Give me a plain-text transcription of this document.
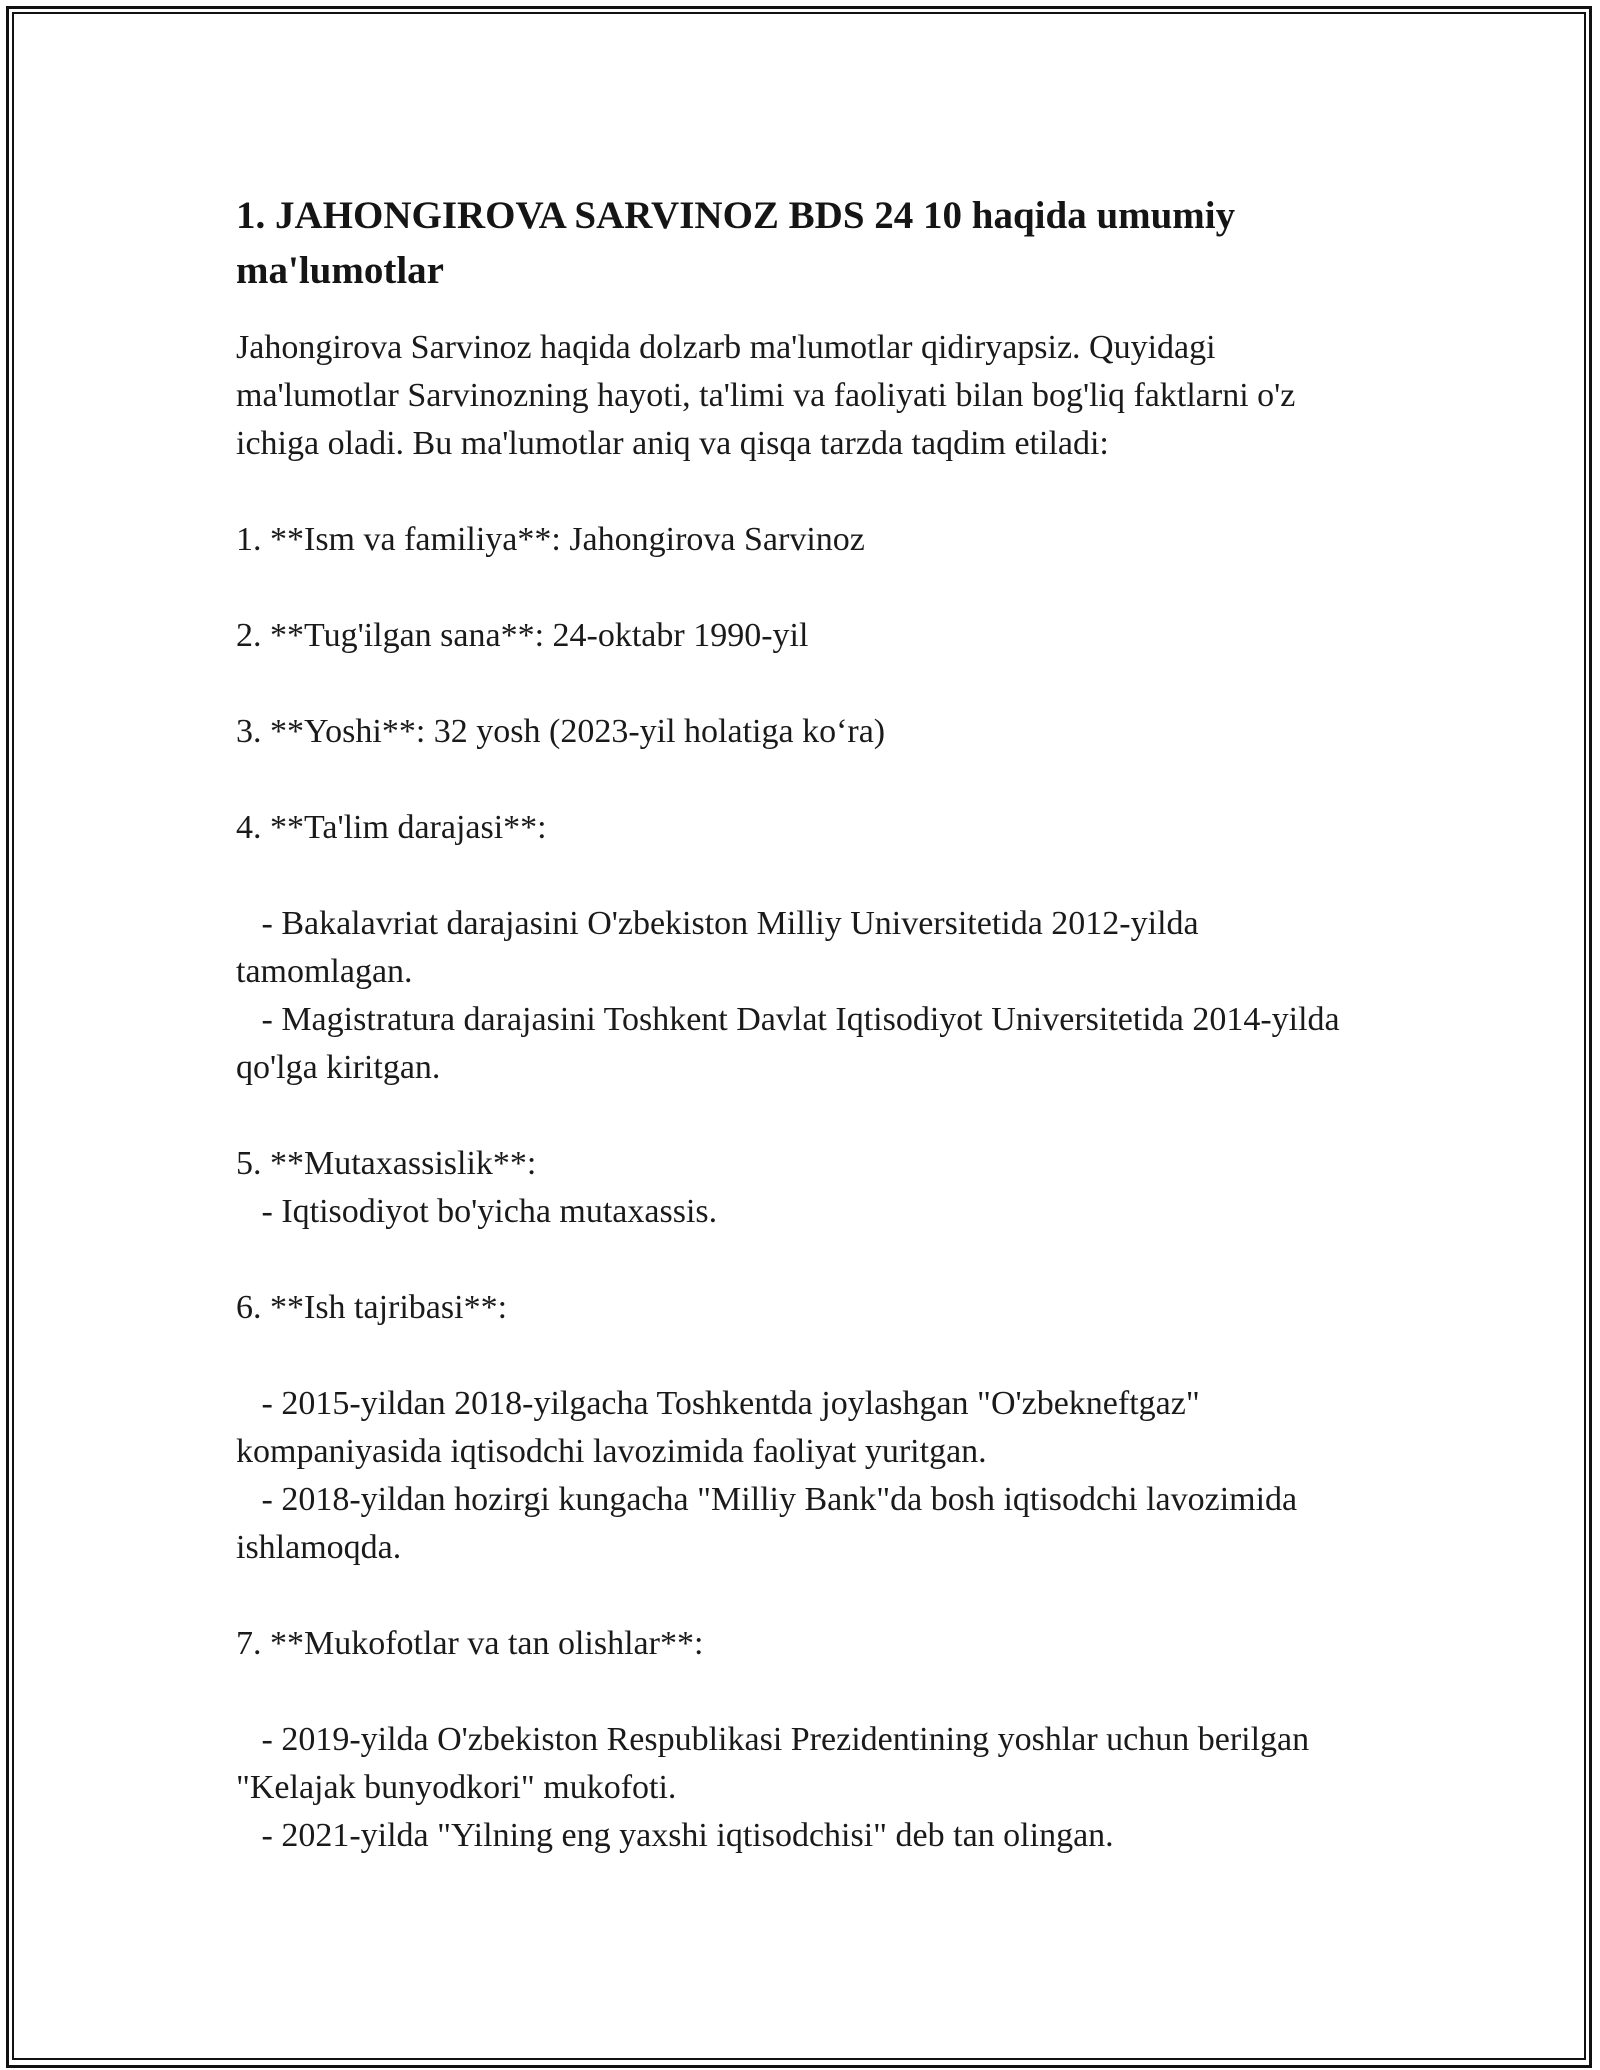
1. JAHONGIROVA SARVINOZ BDS 24 10 haqida umumiy ma'lumotlar

Jahongirova Sarvinoz haqida dolzarb ma'lumotlar qidiryapsiz. Quyidagi ma'lumotlar Sarvinozning hayoti, ta'limi va faoliyati bilan bog'liq faktlarni o'z ichiga oladi. Bu ma'lumotlar aniq va qisqa tarzda taqdim etiladi:

1. **Ism va familiya**: Jahongirova Sarvinoz

2. **Tug'ilgan sana**: 24-oktabr 1990-yil

3. **Yoshi**: 32 yosh (2023-yil holatiga ko‘ra)

4. **Ta'lim darajasi**:

- Bakalavriat darajasini O'zbekiston Milliy Universitetida 2012-yilda tamomlagan.

- Magistratura darajasini Toshkent Davlat Iqtisodiyot Universitetida 2014-yilda qo'lga kiritgan.

5. **Mutaxassislik**:

- Iqtisodiyot bo'yicha mutaxassis.

6. **Ish tajribasi**:

- 2015-yildan 2018-yilgacha Toshkentda joylashgan "O'zbekneftgaz" kompaniyasida iqtisodchi lavozimida faoliyat yuritgan.

- 2018-yildan hozirgi kungacha "Milliy Bank"da bosh iqtisodchi lavozimida ishlamoqda.

7. **Mukofotlar va tan olishlar**:

- 2019-yilda O'zbekiston Respublikasi Prezidentining yoshlar uchun berilgan "Kelajak bunyodkori" mukofoti.

- 2021-yilda "Yilning eng yaxshi iqtisodchisi" deb tan olingan.
